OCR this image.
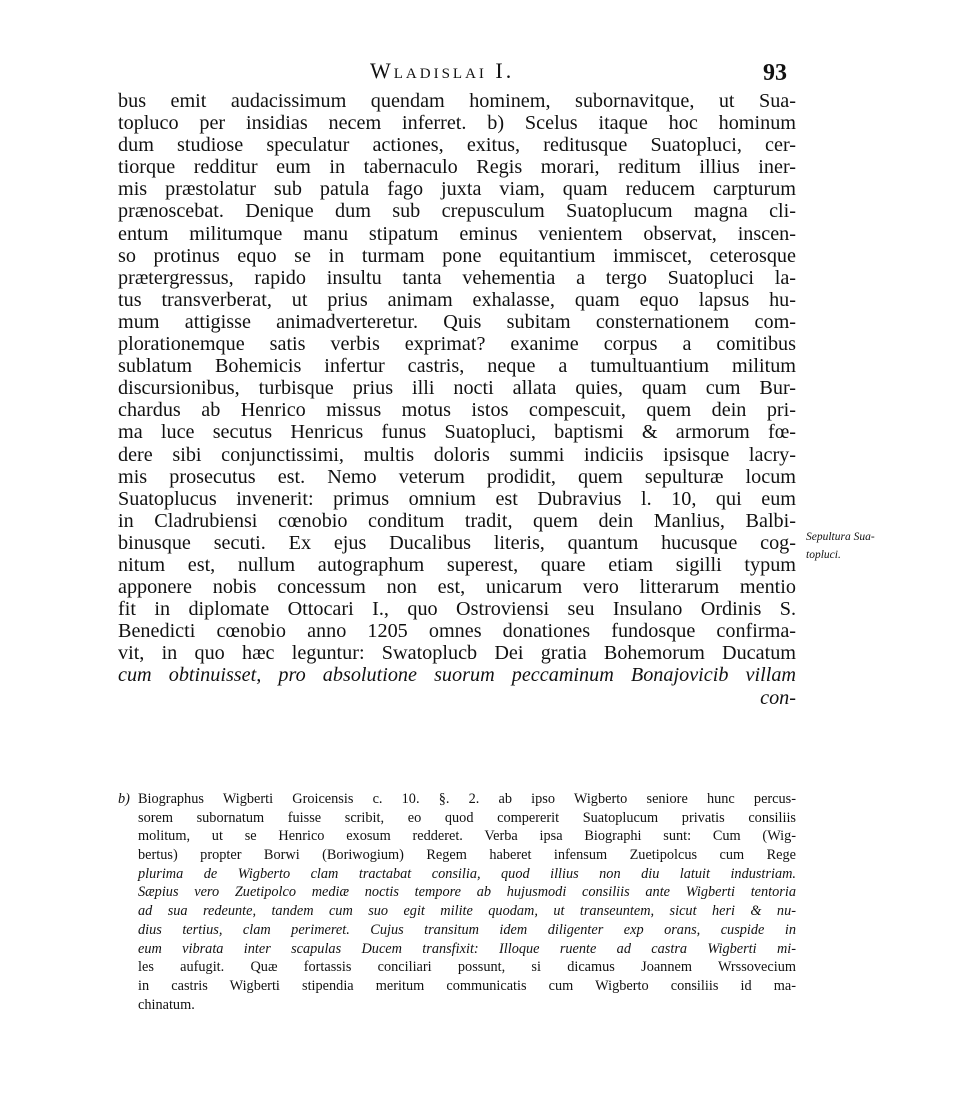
Wladislai I.	93
bus emit audacissimum quendam hominem, subornavitque, ut Sua-
topluco per insidias necem inferret. b) Scelus itaque hoc hominum
dum studiose speculatur actiones, exitus, reditusque Suatopluci, cer-
tiorque redditur eum in tabernaculo Regis morari, reditum illius iner-
mis præstolatur sub patula fago juxta viam, quam reducem carpturum
prænoscebat. Denique dum sub crepusculum Suatoplucum magna cli-
entum militumque manu stipatum eminus venientem observat, inscen-
so protinus equo se in turmam pone equitantium immiscet, ceterosque
prætergressus, rapido insultu tanta vehementia a tergo Suatopluci la-
tus transverberat, ut prius animam exhalasse, quam equo lapsus hu-
mum attigisse animadverteretur. Quis subitam consternationem com-
plorationemque satis verbis exprimat? exanime corpus a comitibus
sublatum Bohemicis infertur castris, neque a tumultuantium militum
discursionibus, turbisque prius illi nocti allata quies, quam cum Bur-
chardus ab Henrico missus motus istos compescuit, quem dein pri-
ma luce secutus Henricus funus Suatopluci, baptismi & armorum fœ-
dere sibi conjunctissimi, multis doloris summi indiciis ipsisque lacry-
mis prosecutus est. Nemo veterum prodidit, quem sepulturæ locum
Suatoplucus invenerit: primus omnium est Dubravius l. 10, qui eum
in Cladrubiensi cœnobio conditum tradit, quem dein Manlius, Balbi-
binusque secuti. Ex ejus Ducalibus literis, quantum hucusque cog-
nitum est, nullum autographum superest, quare etiam sigilli typum
apponere nobis concessum non est, unicarum vero litterarum mentio
fit in diplomate Ottocari I., quo Ostroviensi seu Insulano Ordinis S.
Benedicti cœnobio anno 1205 omnes donationes fundosque confirma-
vit, in quo hæc leguntur: Swatoplucb Dei gratia Bohemorum Ducatum
cum obtinuisset, pro absolutione suorum peccaminum Bonajovicib villam
con-
Sepultura Sua-
topluci.
b) Biographus Wigberti Groicensis c. 10. §. 2. ab ipso Wigberto seniore hunc percus-
sorem subornatum fuisse scribit, eo quod compererit Suatoplucum privatis consiliis
molitum, ut se Henrico exosum redderet. Verba ipsa Biographi sunt: Cum (Wig-
bertus) propter Borwi (Boriwogium) Regem haberet infensum Zuetipolcus cum Rege
plurima de Wigberto clam tractabat consilia, quod illius non diu latuit industriam.
Sæpius vero Zuetipolco mediæ noctis tempore ab hujusmodi consiliis ante Wigberti tentoria
ad sua redeunte, tandem cum suo egit milite quodam, ut transeuntem, sicut heri & nu-
dius tertius, clam perimeret. Cujus transitum idem diligenter exp orans, cuspide in
eum vibrata inter scapulas Ducem transfixit: Illoque ruente ad castra Wigberti mi-
les aufugit. Quæ fortassis conciliari possunt, si dicamus Joannem Wrssovecium
in castris Wigberti stipendia meritum communicatis cum Wigberto consiliis id ma-
chinatum.
